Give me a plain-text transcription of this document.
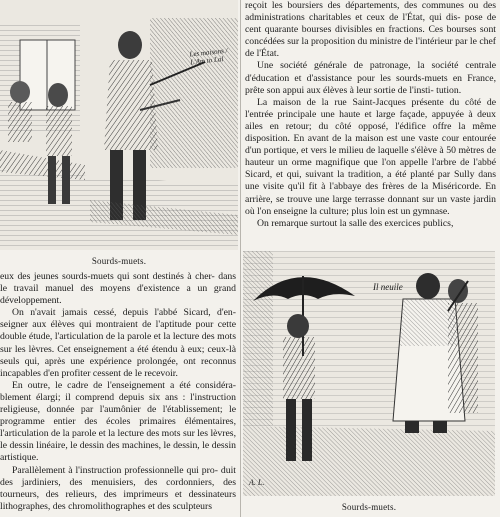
Les maisons / L'Am to Lal
Sourds-muets.

eux des jeunes sourds-muets qui sont destinés à cher- dans le travail manuel des moyens d'existence a un grand développement.

On n'avait jamais cessé, depuis l'abbé Sicard, d'en- seigner aux élèves qui montraient de l'aptitude pour cette double étude, l'articulation de la parole et la lecture des mots sur les lèvres. Cet enseignement a été étendu à eux; ceux-là seuls qui, après une expérience prolongée, ont reconnus incapables d'en profiter cessent de le recevoir.

En outre, le cadre de l'enseignement a été considéra- blement élargi; il comprend depuis six ans : l'instruction religieuse, donnée par l'aumônier de l'établissement; le programme entier des écoles primaires élémentaires, l'articulation de la parole et la lecture des mots sur les lèvres, le dessin linéaire, le dessin des machines, le dessin, le dessin artistique.

Parallèlement à l'instruction professionnelle qui pro- duit des jardiniers, des menuisiers, des cordonniers, des tourneurs, des relieurs, des imprimeurs et dessinateurs lithographes, des chromolithographes et des sculpteurs

reçoit les boursiers des départements, des communes ou des administrations charitables et ceux de l'État, qui dis- pose de cent quarante bourses divisibles en fractions. Ces bourses sont concédées sur la proposition du ministre de l'intérieur par le chef de l'État.

Une société générale de patronage, la société centrale d'éducation et d'assistance pour les sourds-muets en France, prête son appui aux élèves à leur sortie de l'insti- tution.

La maison de la rue Saint-Jacques présente du côté de l'entrée principale une haute et large façade, appuyée à deux ailes en retour; du côté opposé, l'édifice offre la même disposition. En avant de la maison est une vaste cour entourée d'un portique, et vers le milieu de laquelle s'élève à 50 mètres de hauteur un orme magnifique que l'on appelle l'arbre de l'abbé Sicard, et qui, suivant la tradition, a été planté par Sully dans une visite qu'il fit à l'abbaye des frères de la Miséricorde. En arrière, se trouve une large terrasse donnant sur un vaste jardin où l'on enseigne la culture; plus loin est un gymnase.

On remarque surtout la salle des exercices publics,

Il neuile
A. L.
Sourds-muets.
